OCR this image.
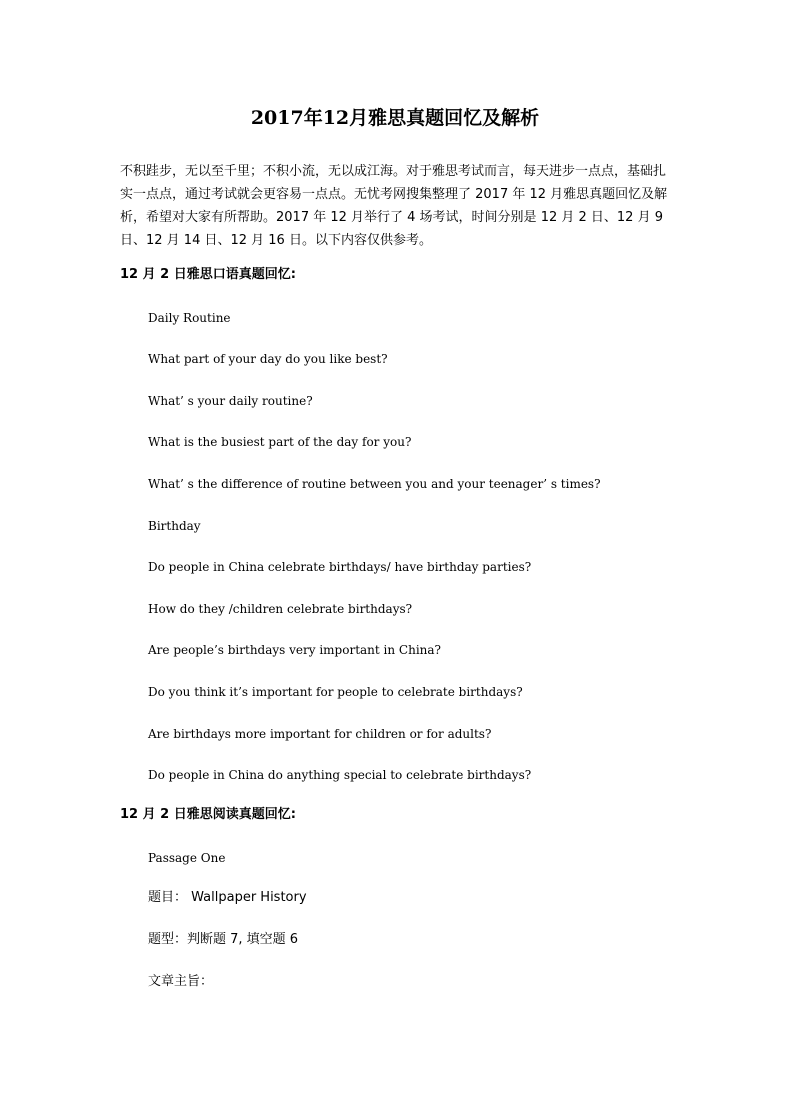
2017年12月雅思真题回忆及解析

不积跬步，无以至千里；不积小流，无以成江海。对于雅思考试而言，每天进步一点点，基础扎实一点点，通过考试就会更容易一点点。无忧考网搜集整理了 2017 年 12 月雅思真题回忆及解析，希望对大家有所帮助。2017 年 12 月举行了 4 场考试，时间分别是 12 月 2 日、12 月 9 日、12 月 14 日、12 月 16 日。以下内容仅供参考。

12 月 2 日雅思口语真题回忆:

Daily Routine

What part of your day do you like best?

What’ s your daily routine?

What is the busiest part of the day for you?

What’ s the difference of routine between you and your teenager’ s times?

Birthday

Do people in China celebrate birthdays/ have birthday parties?

How do they /children celebrate birthdays?

Are people’s birthdays very important in China?

Do you think it’s important for people to celebrate birthdays?

Are birthdays more important for children or for adults?

Do people in China do anything special to celebrate birthdays?

12 月 2 日雅思阅读真题回忆:

Passage One

题目： Wallpaper History

题型：判断题 7, 填空题 6

文章主旨：
